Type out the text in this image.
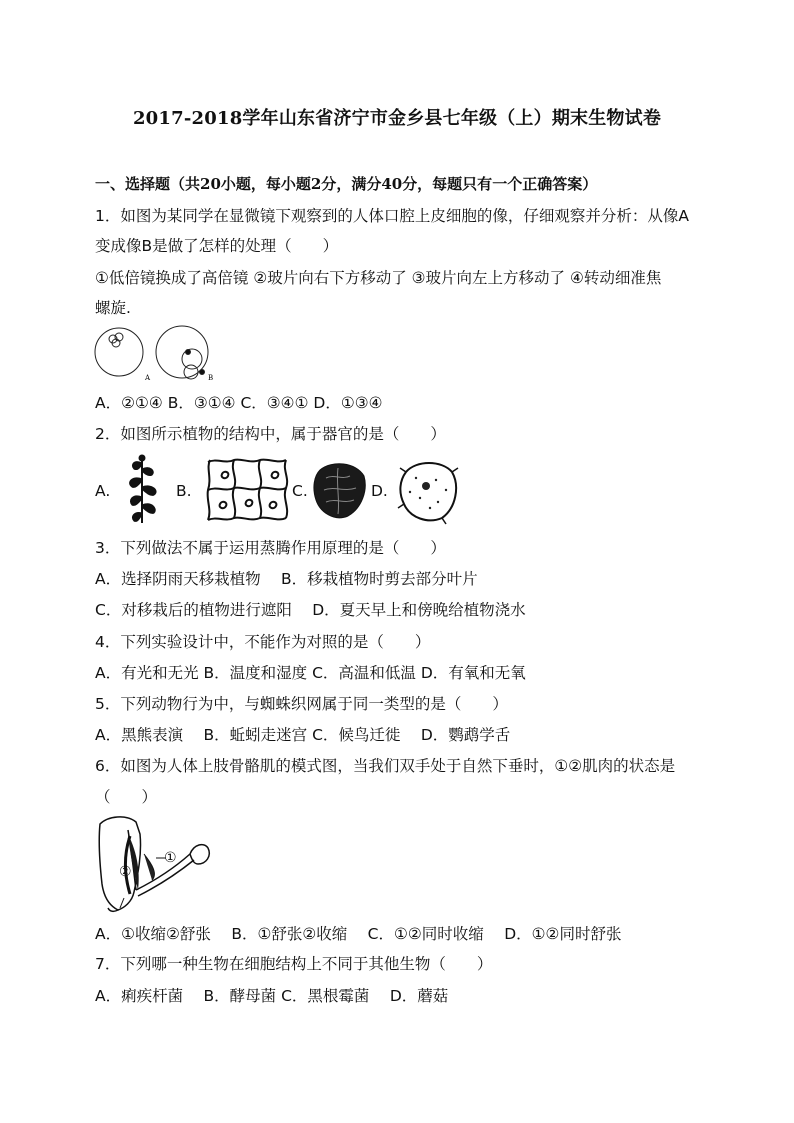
2017-2018学年山东省济宁市金乡县七年级（上）期末生物试卷
一、选择题（共20小题，每小题2分，满分40分，每题只有一个正确答案）
1．如图为某同学在显微镜下观察到的人体口腔上皮细胞的像，仔细观察并分析：从像A
变成像B是做了怎样的处理（　　）
①低倍镜换成了高倍镜 ②玻片向右下方移动了 ③玻片向左上方移动了 ④转动细准焦
螺旋.
A	B
A．②①④ B．③①④ C．③④① D．①③④
2．如图所示植物的结构中，属于器官的是（　　）
A.	B.	C.	D.
3．下列做法不属于运用蒸腾作用原理的是（　　）
A．选择阴雨天移栽植物　 B．移栽植物时剪去部分叶片
C．对移栽后的植物进行遮阳　 D．夏天早上和傍晚给植物浇水
4．下列实验设计中，不能作为对照的是（　　）
A．有光和无光 B．温度和湿度 C．高温和低温 D．有氧和无氧
5．下列动物行为中，与蜘蛛织网属于同一类型的是（　　）
A．黑熊表演　 B．蚯蚓走迷宫 C．候鸟迁徙　 D．鹦鹉学舌
6．如图为人体上肢骨骼肌的模式图，当我们双手处于自然下垂时，①②肌肉的状态是
（　　）
①
②
A．①收缩②舒张　 B．①舒张②收缩　 C．①②同时收缩　 D．①②同时舒张
7．下列哪一种生物在细胞结构上不同于其他生物（　　）
A．痢疾杆菌　 B．酵母菌 C．黑根霉菌　 D．蘑菇
